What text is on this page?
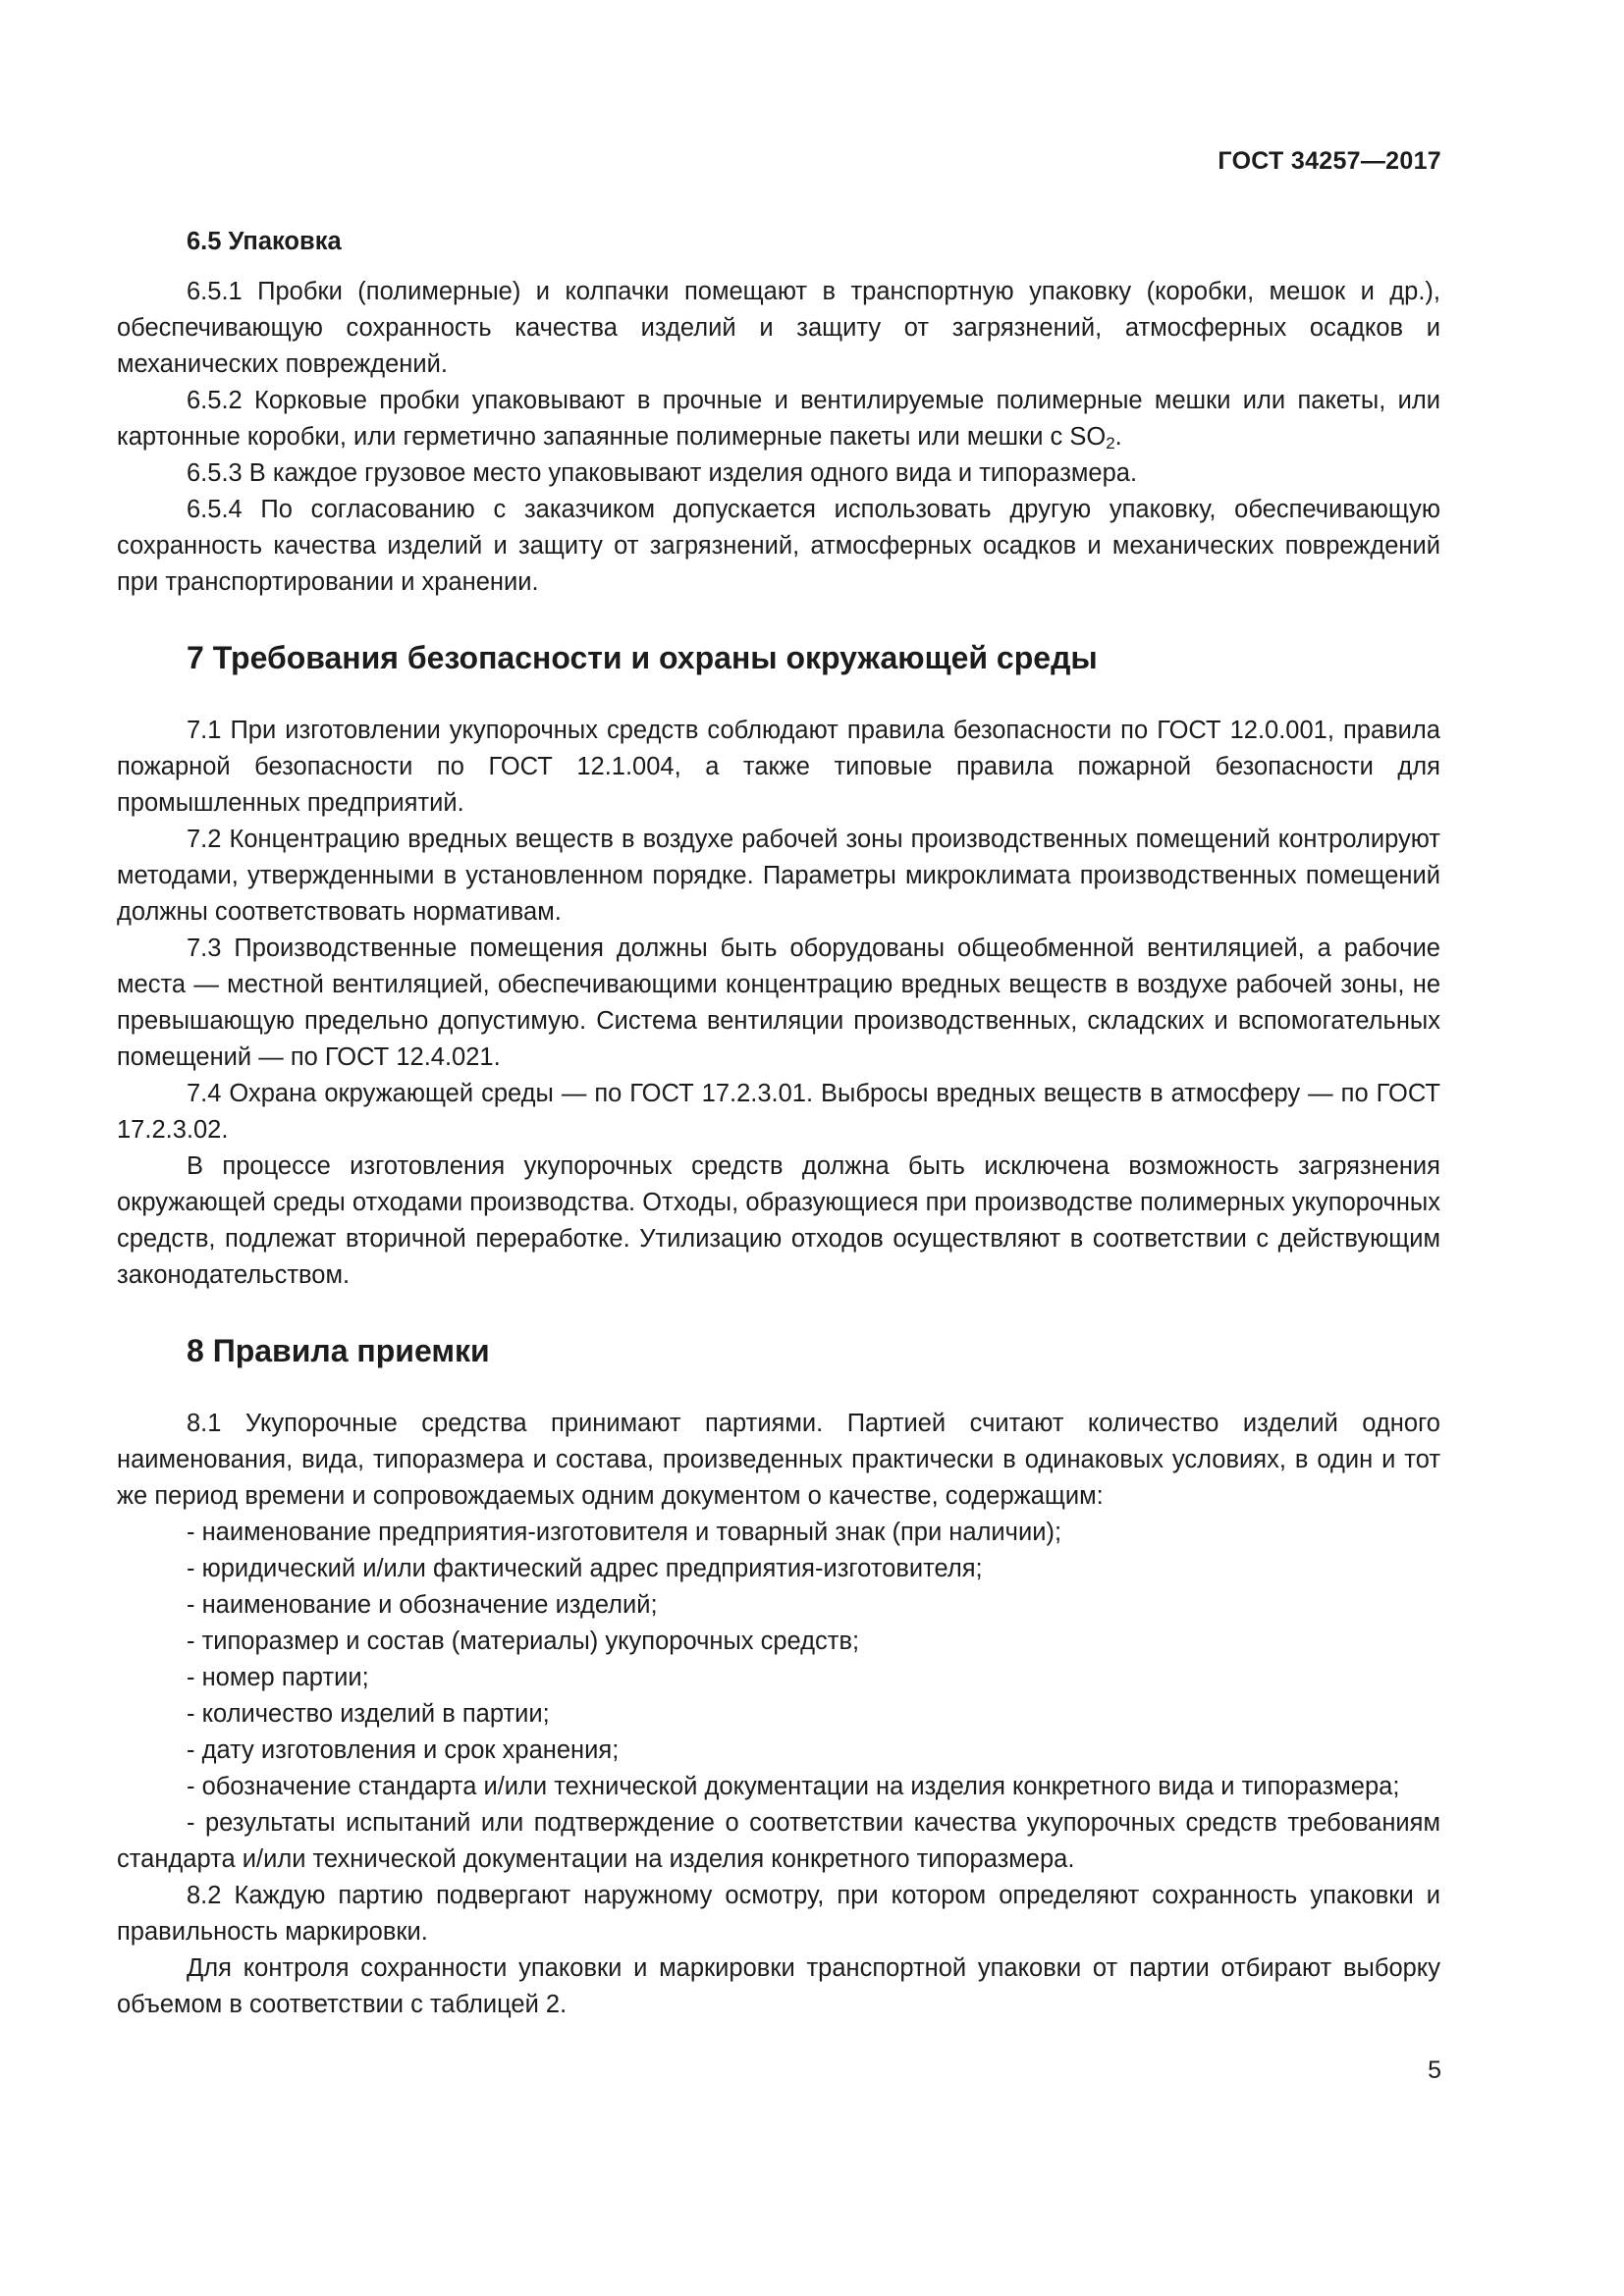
ГОСТ 34257—2017
6.5 Упаковка

6.5.1 Пробки (полимерные) и колпачки помещают в транспортную упаковку (коробки, мешок и др.), обеспечивающую сохранность качества изделий и защиту от загрязнений, атмосферных осадков и механических повреждений.

6.5.2 Корковые пробки упаковывают в прочные и вентилируемые полимерные мешки или пакеты, или картонные коробки, или герметично запаянные полимерные пакеты или мешки с $SO_2$.

6.5.3 В каждое грузовое место упаковывают изделия одного вида и типоразмера.

6.5.4 По согласованию с заказчиком допускается использовать другую упаковку, обеспечивающую сохранность качества изделий и защиту от загрязнений, атмосферных осадков и механических повреждений при транспортировании и хранении.

7 Требования безопасности и охраны окружающей среды

7.1 При изготовлении укупорочных средств соблюдают правила безопасности по ГОСТ 12.0.001, правила пожарной безопасности по ГОСТ 12.1.004, а также типовые правила пожарной безопасности для промышленных предприятий.

7.2 Концентрацию вредных веществ в воздухе рабочей зоны производственных помещений контролируют методами, утвержденными в установленном порядке. Параметры микроклимата производственных помещений должны соответствовать нормативам.

7.3 Производственные помещения должны быть оборудованы общеобменной вентиляцией, а рабочие места — местной вентиляцией, обеспечивающими концентрацию вредных веществ в воздухе рабочей зоны, не превышающую предельно допустимую. Система вентиляции производственных, складских и вспомогательных помещений — по ГОСТ 12.4.021.

7.4 Охрана окружающей среды — по ГОСТ 17.2.3.01. Выбросы вредных веществ в атмосферу — по ГОСТ 17.2.3.02.

В процессе изготовления укупорочных средств должна быть исключена возможность загрязнения окружающей среды отходами производства. Отходы, образующиеся при производстве полимерных укупорочных средств, подлежат вторичной переработке. Утилизацию отходов осуществляют в соответствии с действующим законодательством.

8 Правила приемки

8.1 Укупорочные средства принимают партиями. Партией считают количество изделий одного наименования, вида, типоразмера и состава, произведенных практически в одинаковых условиях, в один и тот же период времени и сопровождаемых одним документом о качестве, содержащим:

- наименование предприятия-изготовителя и товарный знак (при наличии);
- юридический и/или фактический адрес предприятия-изготовителя;
- наименование и обозначение изделий;
- типоразмер и состав (материалы) укупорочных средств;
- номер партии;
- количество изделий в партии;
- дату изготовления и срок хранения;
- обозначение стандарта и/или технической документации на изделия конкретного вида и типоразмера;
- результаты испытаний или подтверждение о соответствии качества укупорочных средств требованиям стандарта и/или технической документации на изделия конкретного типоразмера.

8.2 Каждую партию подвергают наружному осмотру, при котором определяют сохранность упаковки и правильность маркировки.

Для контроля сохранности упаковки и маркировки транспортной упаковки от партии отбирают выборку объемом в соответствии с таблицей 2.

5
